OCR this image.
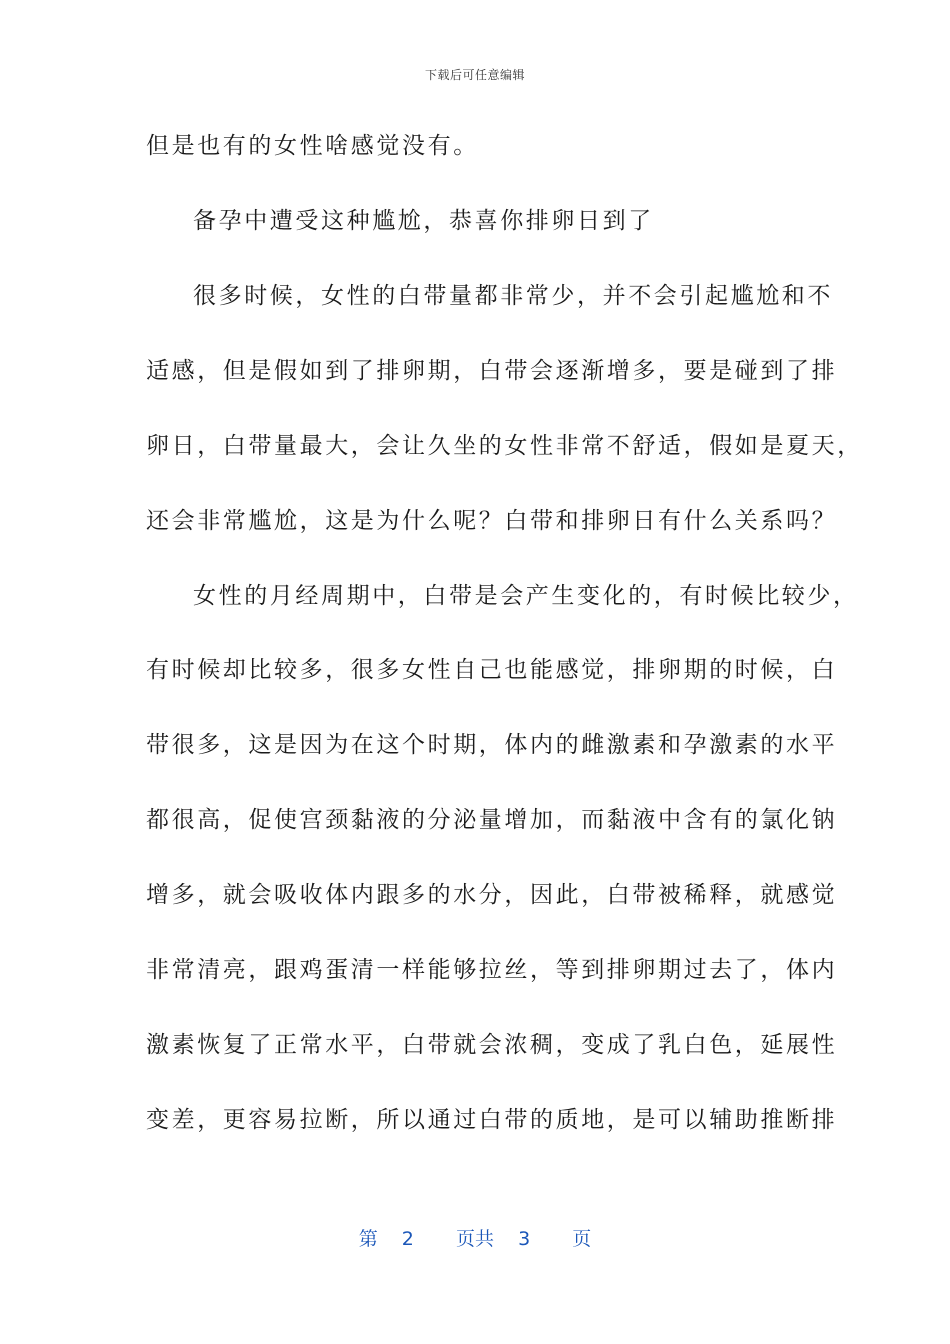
下载后可任意编辑
但是也有的女性啥感觉没有。
备孕中遭受这种尴尬，恭喜你排卵日到了
很多时候，女性的白带量都非常少，并不会引起尴尬和不
适感，但是假如到了排卵期，白带会逐渐增多，要是碰到了排
卵日，白带量最大，会让久坐的女性非常不舒适，假如是夏天，
还会非常尴尬，这是为什么呢？白带和排卵日有什么关系吗？
女性的月经周期中，白带是会产生变化的，有时候比较少，
有时候却比较多，很多女性自己也能感觉，排卵期的时候，白
带很多，这是因为在这个时期，体内的雌激素和孕激素的水平
都很高，促使宫颈黏液的分泌量增加，而黏液中含有的氯化钠
增多，就会吸收体内跟多的水分，因此，白带被稀释，就感觉
非常清亮，跟鸡蛋清一样能够拉丝，等到排卵期过去了，体内
激素恢复了正常水平，白带就会浓稠，变成了乳白色，延展性
变差，更容易拉断，所以通过白带的质地，是可以辅助推断排
第 2 页共 3 页
